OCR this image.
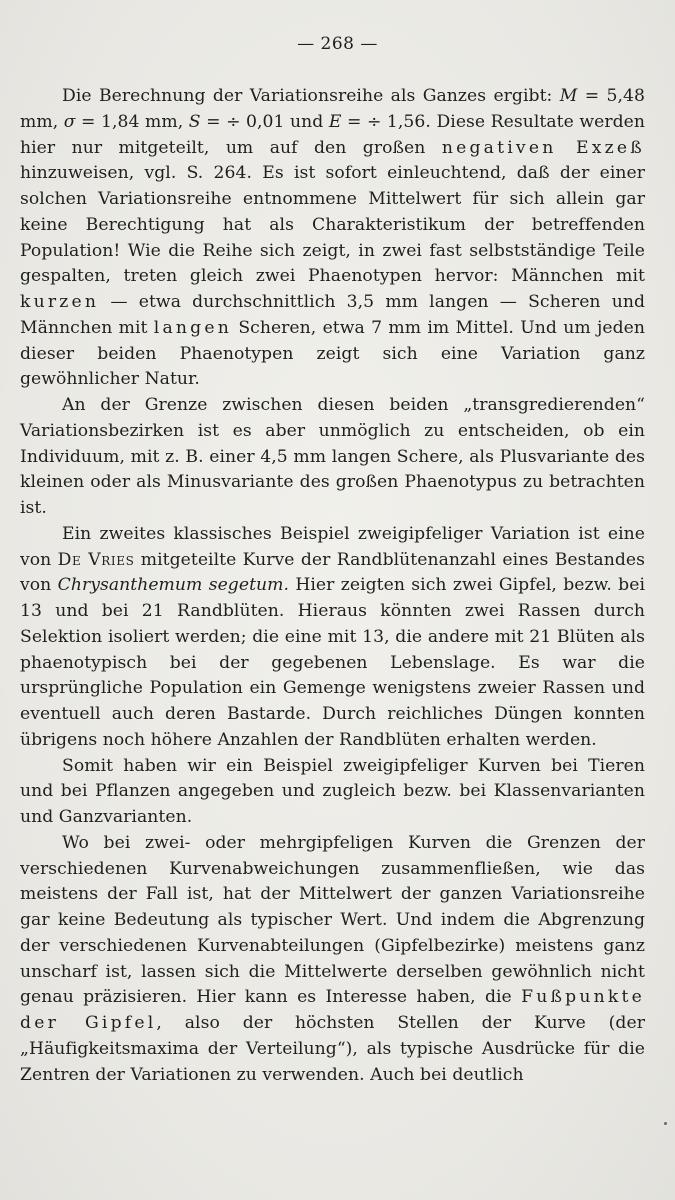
— 268 —

Die Berechnung der Variationsreihe als Ganzes ergibt: M = 5,48 mm, σ = 1,84 mm, S = ÷ 0,01 und E = ÷ 1,56. Diese Resultate werden hier nur mitgeteilt, um auf den großen negativen Exzeß hinzuweisen, vgl. S. 264. Es ist sofort einleuchtend, daß der einer solchen Variationsreihe entnommene Mittelwert für sich allein gar keine Berechtigung hat als Charakteristikum der betreffenden Population! Wie die Reihe sich zeigt, in zwei fast selbstständige Teile gespalten, treten gleich zwei Phaenotypen hervor: Männchen mit kurzen — etwa durchschnittlich 3,5 mm langen — Scheren und Männchen mit langen Scheren, etwa 7 mm im Mittel. Und um jeden dieser beiden Phaenotypen zeigt sich eine Variation ganz gewöhnlicher Natur.

An der Grenze zwischen diesen beiden „transgredierenden“ Variationsbezirken ist es aber unmöglich zu entscheiden, ob ein Individuum, mit z. B. einer 4,5 mm langen Schere, als Plusvariante des kleinen oder als Minusvariante des großen Phaenotypus zu betrachten ist.

Ein zweites klassisches Beispiel zweigipfeliger Variation ist eine von De Vries mitgeteilte Kurve der Randblütenanzahl eines Bestandes von Chrysanthemum segetum. Hier zeigten sich zwei Gipfel, bezw. bei 13 und bei 21 Randblüten. Hieraus könnten zwei Rassen durch Selektion isoliert werden; die eine mit 13, die andere mit 21 Blüten als phaenotypisch bei der gegebenen Lebenslage. Es war die ursprüngliche Population ein Gemenge wenigstens zweier Rassen und eventuell auch deren Bastarde. Durch reichliches Düngen konnten übrigens noch höhere Anzahlen der Randblüten erhalten werden.

Somit haben wir ein Beispiel zweigipfeliger Kurven bei Tieren und bei Pflanzen angegeben und zugleich bezw. bei Klassenvarianten und Ganzvarianten.

Wo bei zwei- oder mehrgipfeligen Kurven die Grenzen der verschiedenen Kurvenabweichungen zusammenfließen, wie das meistens der Fall ist, hat der Mittelwert der ganzen Variationsreihe gar keine Bedeutung als typischer Wert. Und indem die Abgrenzung der verschiedenen Kurvenabteilungen (Gipfelbezirke) meistens ganz unscharf ist, lassen sich die Mittelwerte derselben gewöhnlich nicht genau präzisieren. Hier kann es Interesse haben, die Fußpunkte der Gipfel, also der höchsten Stellen der Kurve (der „Häufigkeitsmaxima der Verteilung“), als typische Ausdrücke für die Zentren der Variationen zu verwenden. Auch bei deutlich
